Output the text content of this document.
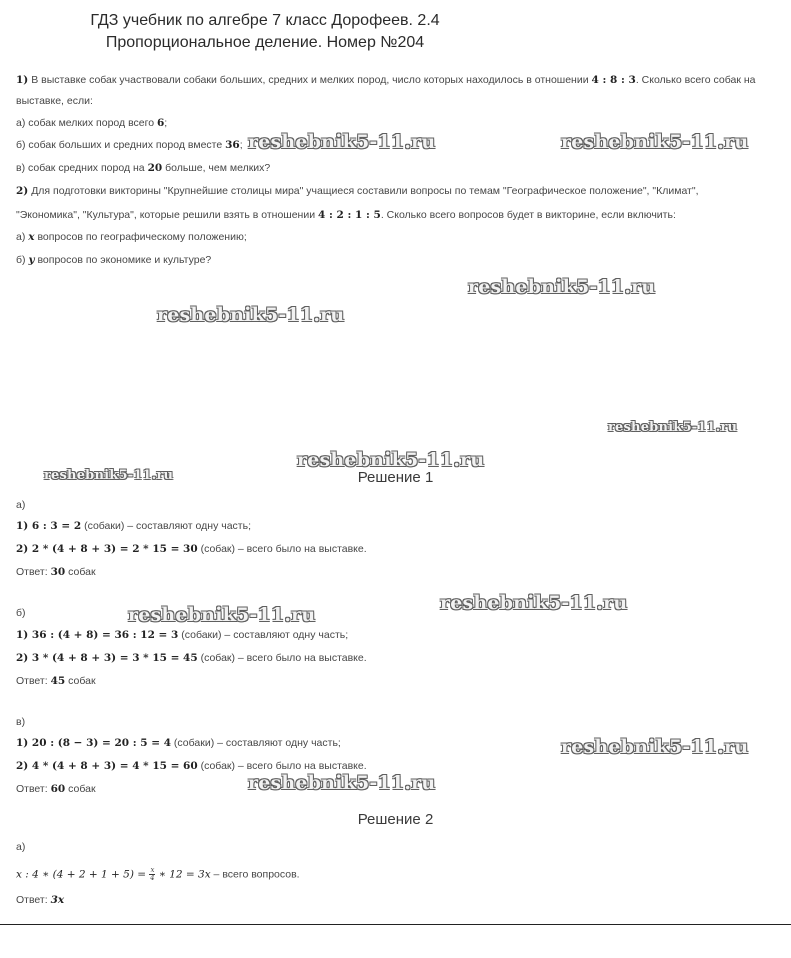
ГДЗ учебник по алгебре 7 класс Дорофеев. 2.4
Пропорциональное деление. Номер №204
1) В выставке собак участвовали собаки больших, средних и мелких пород, число которых находилось в отношении 4 : 8 : 3. Сколько всего собак на
выставке, если:
а) собак мелких пород всего 6;
б) собак больших и средних пород вместе 36;
в) собак средних пород на 20 больше, чем мелких?
2) Для подготовки викторины "Крупнейшие столицы мира" учащиеся составили вопросы по темам "Географическое положение", "Климат",
"Экономика", "Культура", которые решили взять в отношении 4 : 2 : 1 : 5. Сколько всего вопросов будет в викторине, если включить:
а) x вопросов по географическому положению;
б) y вопросов по экономике и культуре?
Решение 1
а)
1) 6 : 3 = 2 (собаки) – составляют одну часть;
2) 2 * (4 + 8 + 3) = 2 * 15 = 30 (собак) – всего было на выставке.
Ответ: 30 собак
б)
1) 36 : (4 + 8) = 36 : 12 = 3 (собаки) – составляют одну часть;
2) 3 * (4 + 8 + 3) = 3 * 15 = 45 (собак) – всего было на выставке.
Ответ: 45 собак
в)
1) 20 : (8 − 3) = 20 : 5 = 4 (собаки) – составляют одну часть;
2) 4 * (4 + 8 + 3) = 4 * 15 = 60 (собак) – всего было на выставке.
Ответ: 60 собак
Решение 2
а)
x : 4 ∗ $(4 + 2 + 1 + 5) = \frac{x}{4}$ ∗ 12 = 3x – всего вопросов.
Ответ: 3x
reshebnik5-11.ru	reshebnik5-11.ru
reshebnik5-11.ru
reshebnik5-11.ru
reshebnik5-11.ru
reshebnik5-11.ru
reshebnik5-11.ru
reshebnik5-11.ru
reshebnik5-11.ru
reshebnik5-11.ru
reshebnik5-11.ru
